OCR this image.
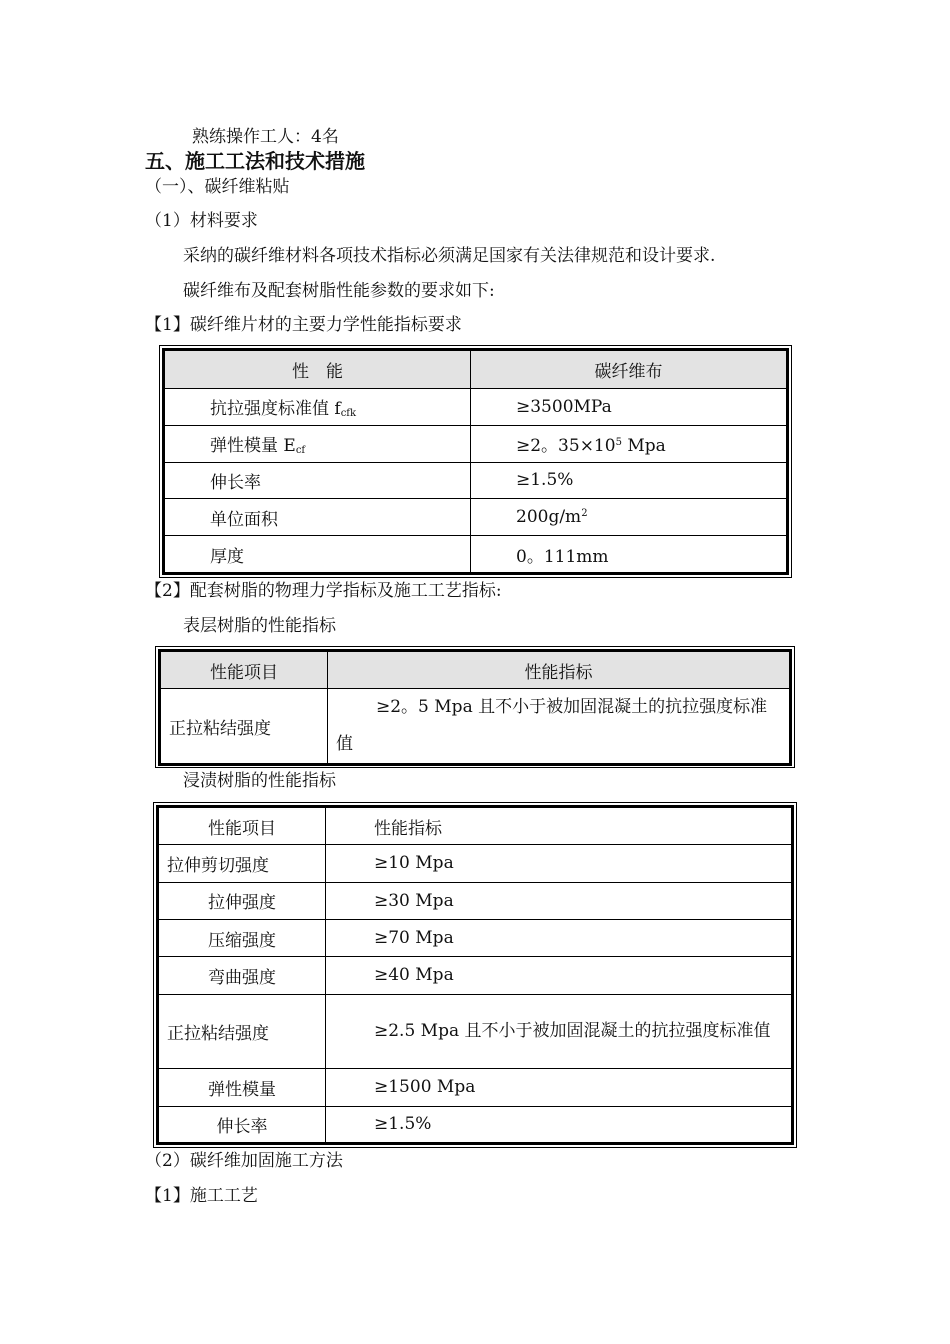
熟练操作工人：4名
五、施工工法和技术措施
（一）、碳纤维粘贴
（1）材料要求
采纳的碳纤维材料各项技术指标必须满足国家有关法律规范和设计要求.
碳纤维布及配套树脂性能参数的要求如下:
【1】碳纤维片材的主要力学性能指标要求
性　能	碳纤维布
抗拉强度标准值 $f_{cfk}$	≥3500MPa
弹性模量 $E_{cf}$	≥2。$35\times 10^5$ Mpa
伸长率	≥1.5%
单位面积	$200g/m^2$
厚度	0。111mm
【2】配套树脂的物理力学指标及施工工艺指标:
表层树脂的性能指标
性能项目	性能指标
正拉粘结强度	≥2。5 Mpa 且不小于被加固混凝土的抗拉强度标准值
浸渍树脂的性能指标
性能项目	性能指标
拉伸剪切强度	≥10 Mpa
拉伸强度	≥30 Mpa
压缩强度	≥70 Mpa
弯曲强度	≥40 Mpa
正拉粘结强度	≥2.5 Mpa 且不小于被加固混凝土的抗拉强度标准值
弹性模量	≥1500 Mpa
伸长率	≥1.5%
（2）碳纤维加固施工方法
【1】施工工艺
